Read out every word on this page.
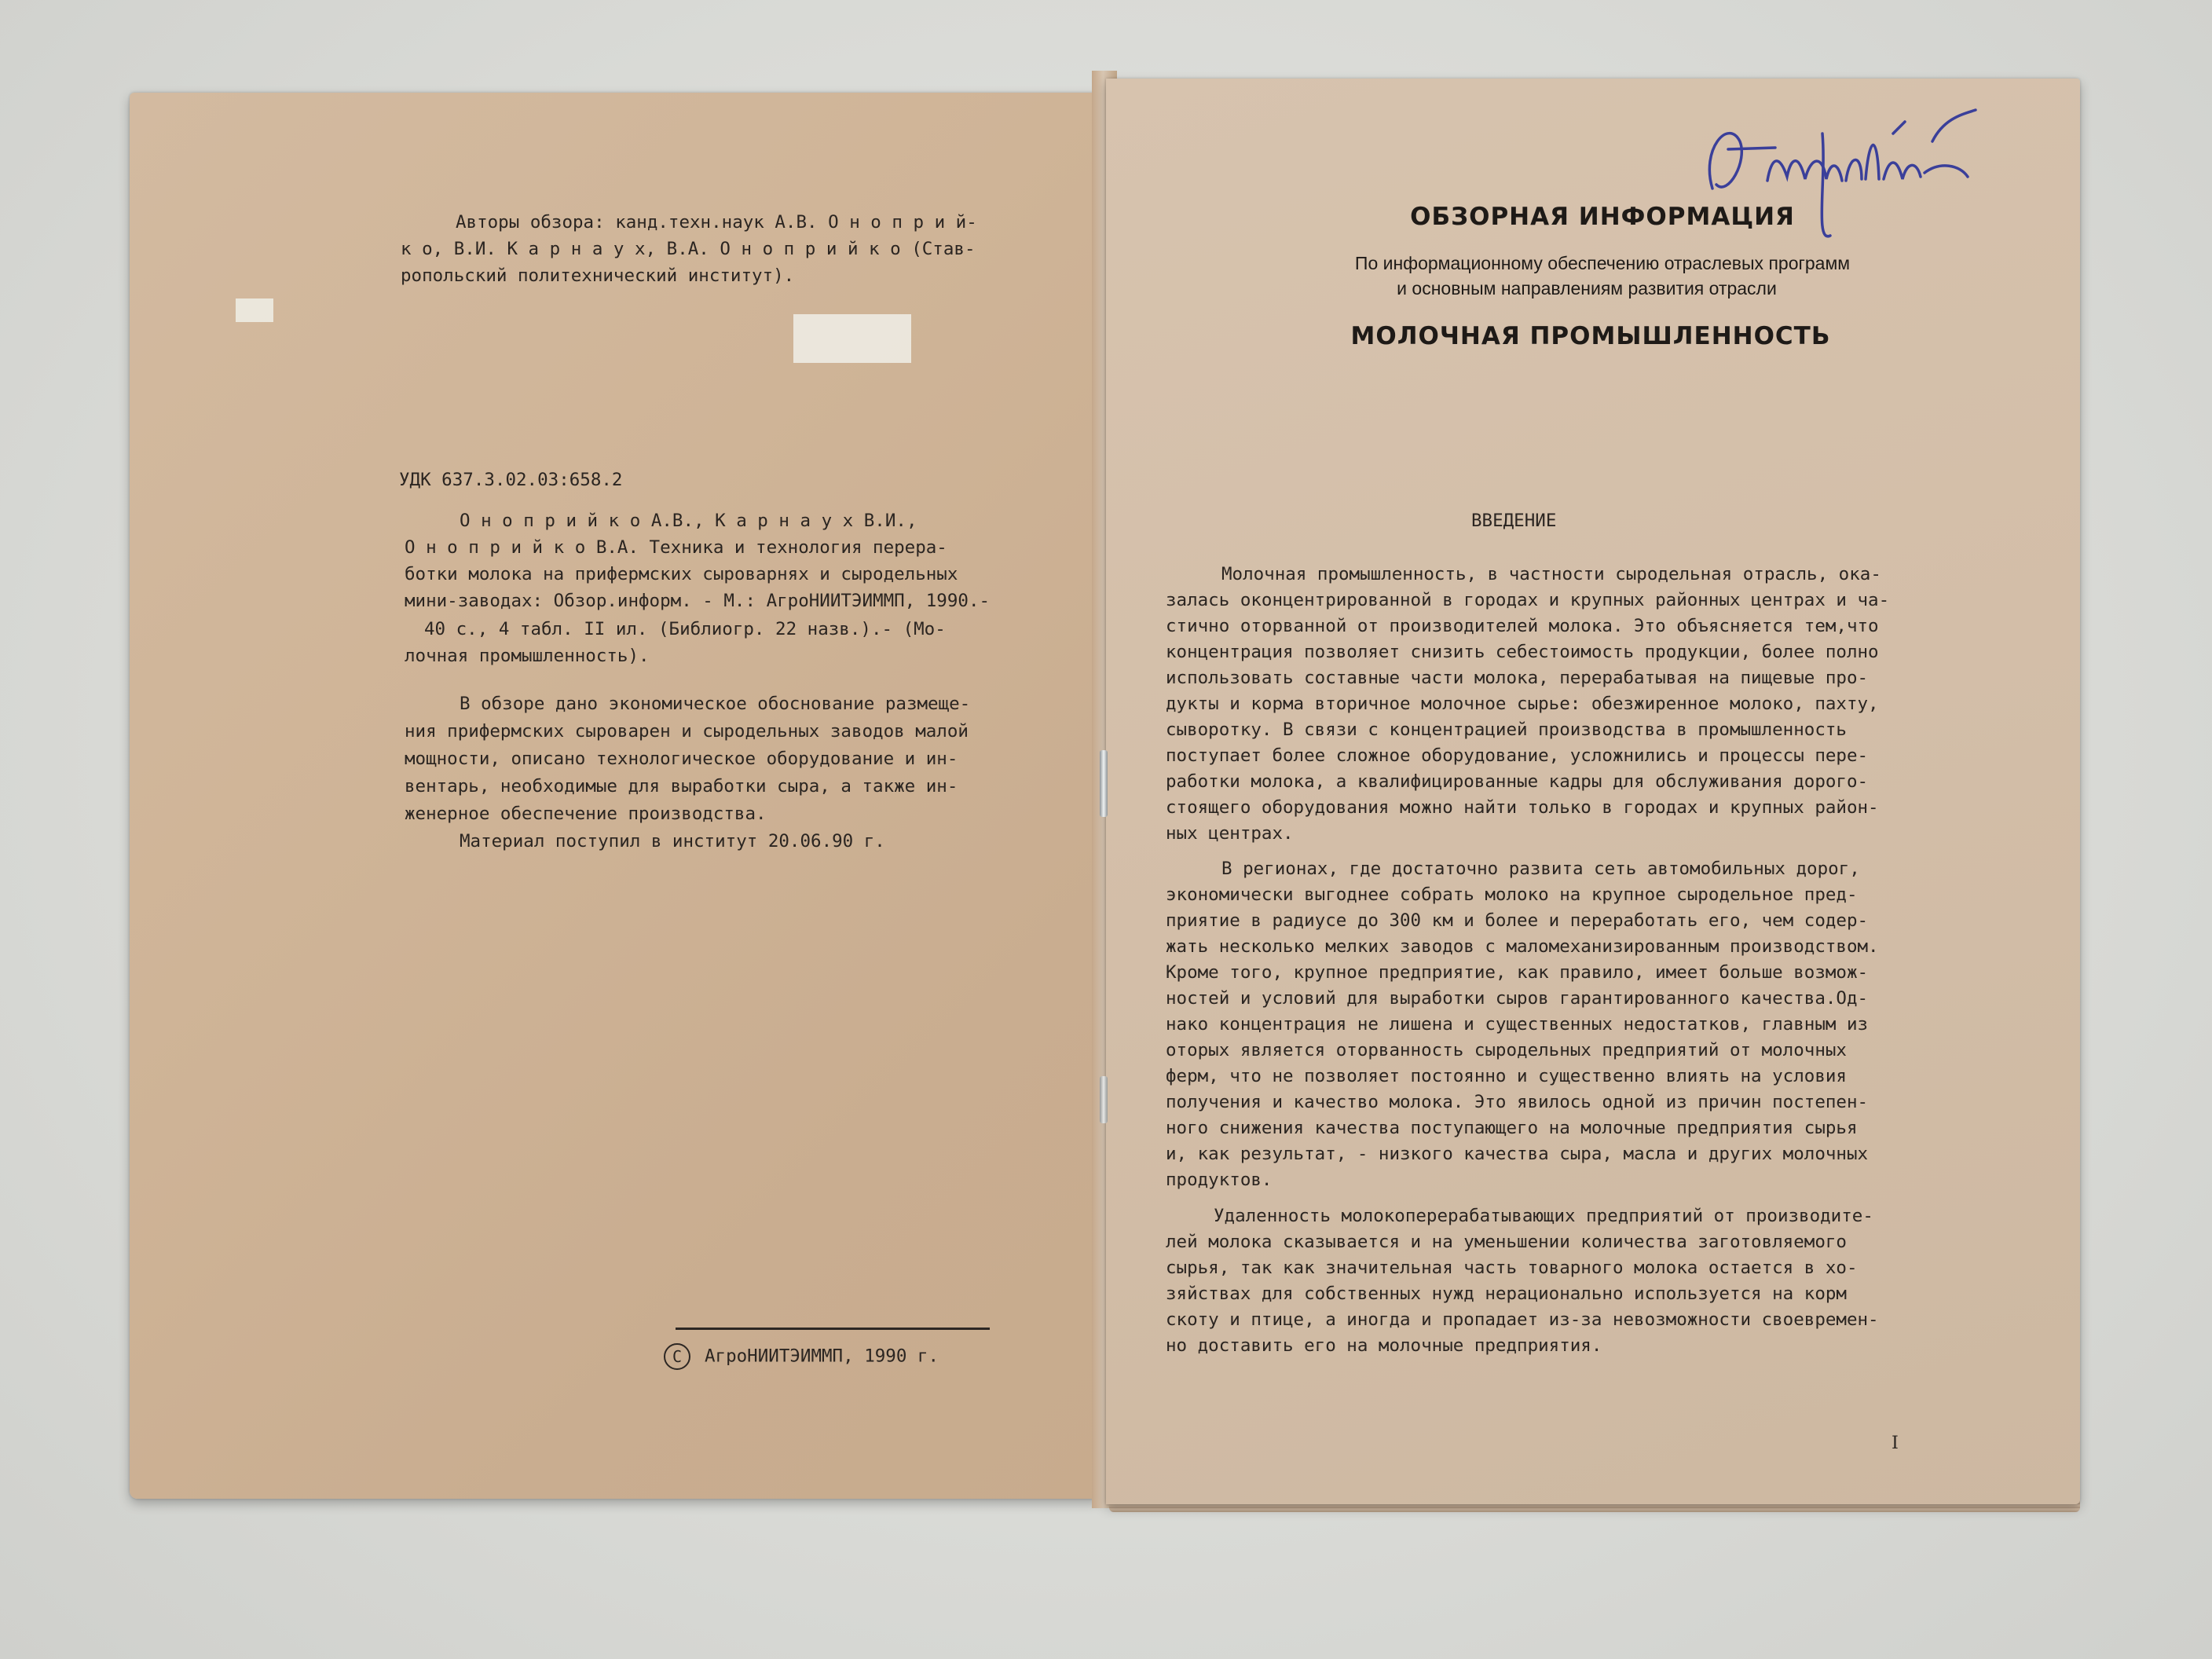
Авторы обзора: канд.техн.наук А.В. О н о п р и й-
к о, В.И. К а р н а у х, В.А. О н о п р и й к о (Став-
ропольский политехнический институт).
УДК 637.3.02.03:658.2
О н о п р и й к о А.В., К а р н а у х В.И.,
О н о п р и й к о В.А. Техника и технология перера-
ботки молока на прифермских сыроварнях и сыродельных
мини-заводах: Обзор.информ. - М.: АгроНИИТЭИММП, 1990.-
40 с., 4 табл. II ил. (Библиогр. 22 назв.).- (Мо-
лочная промышленность).
В обзоре дано экономическое обоснование размеще-
ния прифермских сыроварен и сыродельных заводов малой
мощности, описано технологическое оборудование и ин-
вентарь, необходимые для выработки сыра, а также ин-
женерное обеспечение производства.
Материал поступил в институт 20.06.90 г.
С АгроНИИТЭИММП, 1990 г.
ОБЗОРНАЯ ИНФОРМАЦИЯ
По информационному обеспечению отраслевых программ
и основным направлениям развития отрасли
МОЛОЧНАЯ ПРОМЫШЛЕННОСТЬ
ВВЕДЕНИЕ
Молочная промышленность, в частности сыродельная отрасль, ока-
залась оконцентрированной в городах и крупных районных центрах и ча-
стично оторванной от производителей молока. Это объясняется тем,что
концентрация позволяет снизить себестоимость продукции, более полно
использовать составные части молока, перерабатывая на пищевые про-
дукты и корма вторичное молочное сырье: обезжиренное молоко, пахту,
сыворотку. В связи с концентрацией производства в промышленность
поступает более сложное оборудование, усложнились и процессы пере-
работки молока, а квалифицированные кадры для обслуживания дорого-
стоящего оборудования можно найти только в городах и крупных район-
ных центрах.
В регионах, где достаточно развита сеть автомобильных дорог,
экономически выгоднее собрать молоко на крупное сыродельное пред-
приятие в радиусе до 300 км и более и переработать его, чем содер-
жать несколько мелких заводов с маломеханизированным производством.
Кроме того, крупное предприятие, как правило, имеет больше возмож-
ностей и условий для выработки сыров гарантированного качества.Од-
нако концентрация не лишена и существенных недостатков, главным из
оторых является оторванность сыродельных предприятий от молочных
ферм, что не позволяет постоянно и существенно влиять на условия
получения и качество молока. Это явилось одной из причин постепен-
ного снижения качества поступающего на молочные предприятия сырья
и, как результат, - низкого качества сыра, масла и других молочных
продуктов.
Удаленность молокоперерабатывающих предприятий от производите-
лей молока сказывается и на уменьшении количества заготовляемого
сырья, так как значительная часть товарного молока остается в хо-
зяйствах для собственных нужд нерационально используется на корм
скоту и птице, а иногда и пропадает из-за невозможности своевремен-
но доставить его на молочные предприятия.
I
